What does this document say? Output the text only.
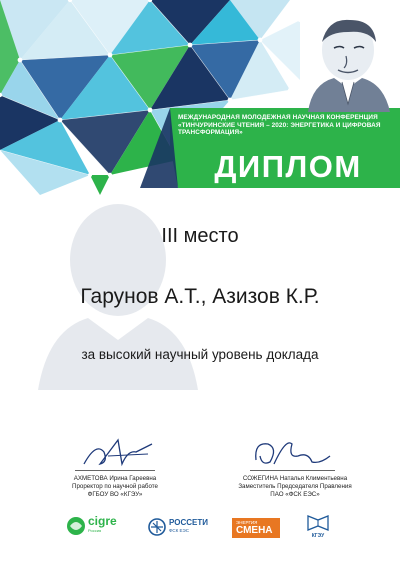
МЕЖДУНАРОДНАЯ МОЛОДЕЖНАЯ НАУЧНАЯ КОНФЕРЕНЦИЯ «ТИНЧУРИНСКИЕ ЧТЕНИЯ – 2020: ЭНЕРГЕТИКА И ЦИФРОВАЯ ТРАНСФОРМАЦИЯ»
ДИПЛОМ
III место
Гарунов А.Т., Азизов К.Р.
за высокий научный уровень доклада
АХМЕТОВА Ирина Гареевна
Проректор по научной работе
ФГБОУ ВО «КГЭУ»
СОЖЕГИНА Наталья Климентьевна
Заместитель Председателя Правления
ПАО «ФСК ЕЭС»
cigre
Россия
РОССЕТИ
ФСК ЕЭС
ЭНЕРГИЯ
СМЕНА	КГЭУ
